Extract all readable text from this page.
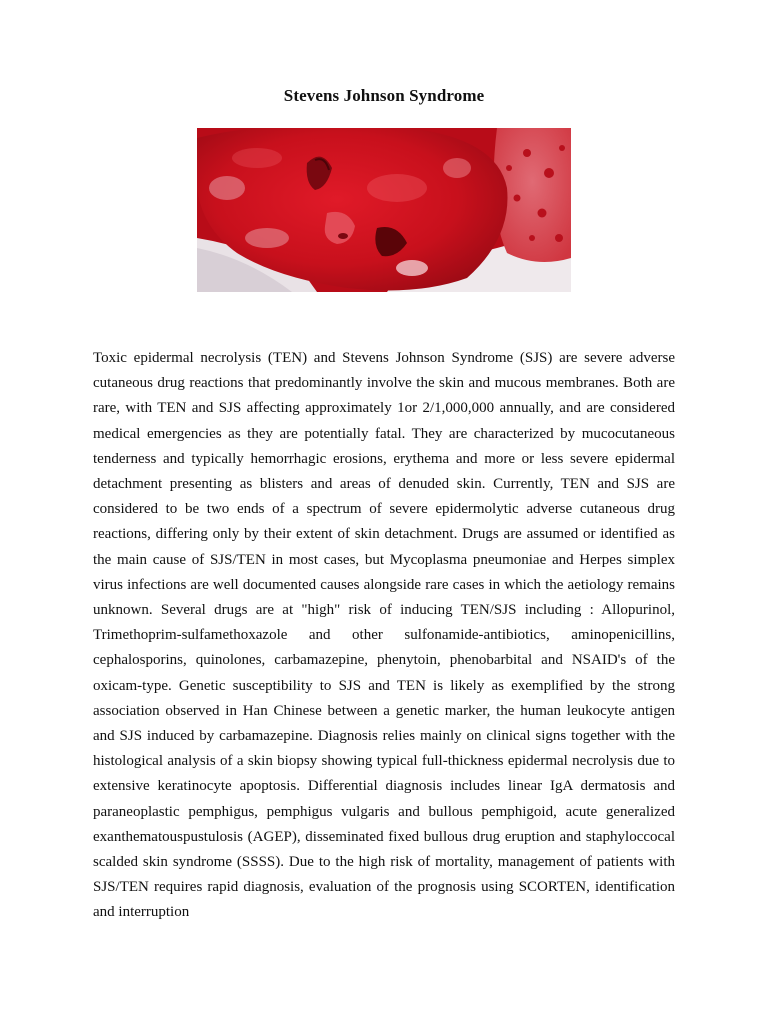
Stevens Johnson Syndrome

Toxic epidermal necrolysis (TEN) and Stevens Johnson Syndrome (SJS) are severe adverse cutaneous drug reactions that predominantly involve the skin and mucous membranes. Both are rare, with TEN and SJS affecting approximately 1or 2/1,000,000 annually, and are considered medical emergencies as they are potentially fatal. They are characterized by mucocutaneous tenderness and typically hemorrhagic erosions, erythema and more or less severe epidermal detachment presenting as blisters and areas of denuded skin. Currently, TEN and SJS are considered to be two ends of a spectrum of severe epidermolytic adverse cutaneous drug reactions, differing only by their extent of skin detachment. Drugs are assumed or identified as the main cause of SJS/TEN in most cases, but Mycoplasma pneumoniae and Herpes simplex virus infections are well documented causes alongside rare cases in which the aetiology remains unknown. Several drugs are at "high" risk of inducing TEN/SJS including : Allopurinol, Trimethoprim-sulfamethoxazole and other sulfonamide-antibiotics, aminopenicillins, cephalosporins, quinolones, carbamazepine, phenytoin, phenobarbital and NSAID's of the oxicam-type. Genetic susceptibility to SJS and TEN is likely as exemplified by the strong association observed in Han Chinese between a genetic marker, the human leukocyte antigen and SJS induced by carbamazepine. Diagnosis relies mainly on clinical signs together with the histological analysis of a skin biopsy showing typical full-thickness epidermal necrolysis due to extensive keratinocyte apoptosis. Differential diagnosis includes linear IgA dermatosis and paraneoplastic pemphigus, pemphigus vulgaris and bullous pemphigoid, acute generalized exanthematouspustulosis (AGEP), disseminated fixed bullous drug eruption and staphyloccocal scalded skin syndrome (SSSS). Due to the high risk of mortality, management of patients with SJS/TEN requires rapid diagnosis, evaluation of the prognosis using SCORTEN, identification and interruption
